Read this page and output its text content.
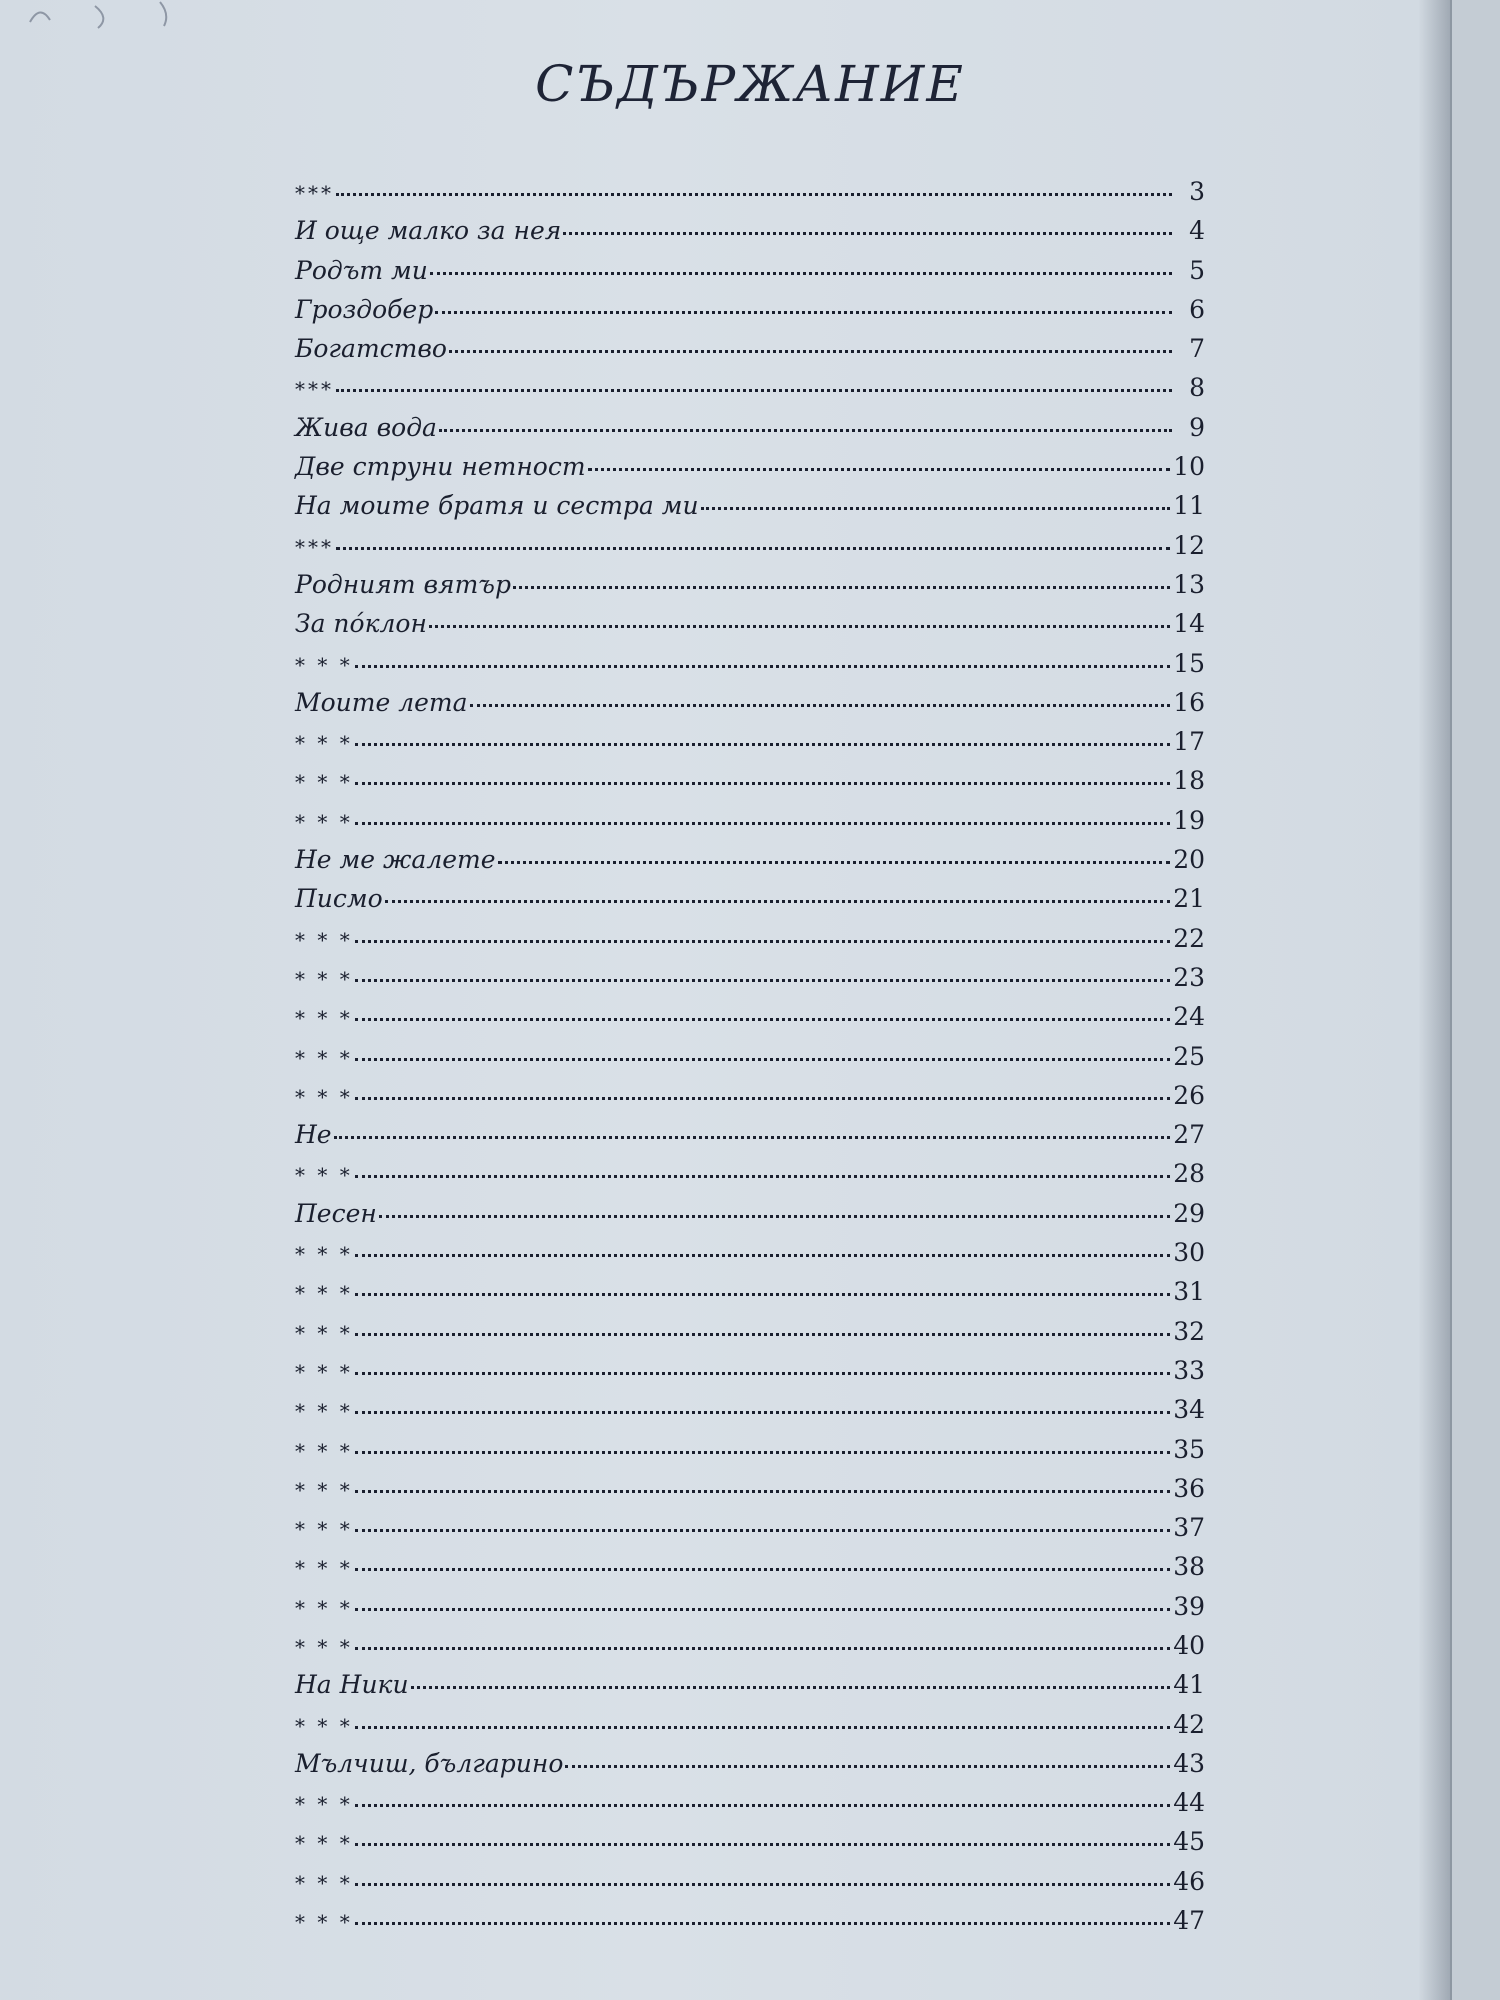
СЪДЪРЖАНИЕ
***	3
И още малко за нея	4
Родът ми	5
Гроздобер	6
Богатство	7
***	8
Жива вода	9
Две струни нетност	10
На моите братя и сестра ми	11
***	12
Родният вятър	13
За пόклон	14
* * *	15
Моите лета	16
* * *	17
* * *	18
* * *	19
Не ме жалете	20
Писмо	21
* * *	22
* * *	23
* * *	24
* * *	25
* * *	26
Не	27
* * *	28
Песен	29
* * *	30
* * *	31
* * *	32
* * *	33
* * *	34
* * *	35
* * *	36
* * *	37
* * *	38
* * *	39
* * *	40
На Ники	41
* * *	42
Мълчиш, българино	43
* * *	44
* * *	45
* * *	46
* * *	47
